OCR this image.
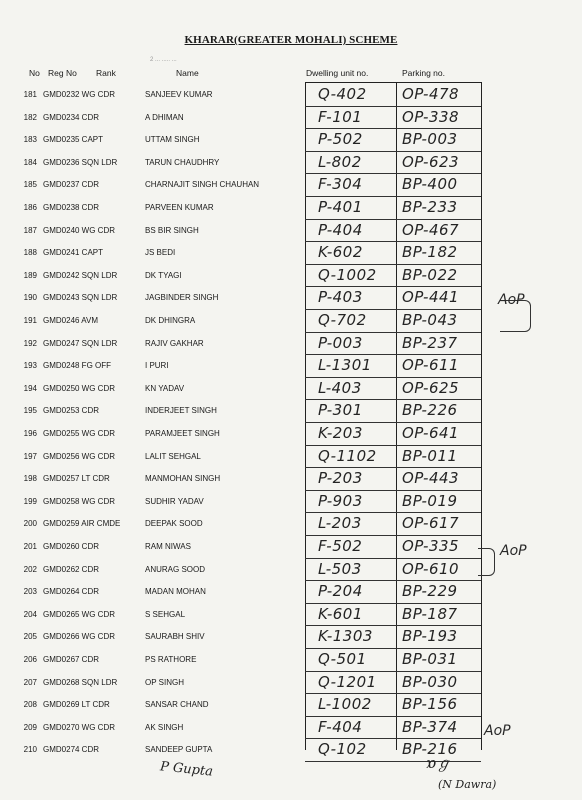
KHARAR(GREATER MOHALI) SCHEME
2 ... ..... ...
No Reg No Rank	Name	Dwelling unit no.	Parking no.
181 GMD0232 WG CDR	SANJEEV KUMAR	Q-402 OP-478
182 GMD0234 CDR	A DHIMAN	F-101	OP-338
183 GMD0235 CAPT	UTTAM SINGH	P-502	BP-003
184 GMD0236 SQN LDR	TARUN CHAUDHRY	L-802	OP-623
185 GMD0237 CDR	CHARNAJIT SINGH CHAUHAN	F-304	BP-400
186 GMD0238 CDR	PARVEEN KUMAR	P-401	BP-233
187 GMD0240 WG CDR	BS BIR SINGH	P-404	OP-467
188 GMD0241 CAPT	JS BEDI	K-602	BP-182
189 GMD0242 SQN LDR	DK TYAGI	Q-1002 BP-022
190 GMD0243 SQN LDR	JAGBINDER SINGH	P-403	OP-441
191 GMD0246 AVM	DK DHINGRA	Q-702 BP-043
192 GMD0247 SQN LDR	RAJIV GAKHAR	P-003	BP-237
193 GMD0248 FG OFF	I PURI	L-1301 OP-611
194 GMD0250 WG CDR	KN YADAV	L-403	OP-625
195 GMD0253 CDR	INDERJEET SINGH	P-301	BP-226
196 GMD0255 WG CDR	PARAMJEET SINGH	K-203	OP-641
197 GMD0256 WG CDR	LALIT SEHGAL	Q-1102 BP-011
198 GMD0257 LT CDR	MANMOHAN SINGH	P-203	OP-443
199 GMD0258 WG CDR	SUDHIR YADAV	P-903	BP-019
200 GMD0259 AIR CMDE	DEEPAK SOOD	L-203	OP-617
201 GMD0260 CDR	RAM NIWAS	F-502	OP-335
202 GMD0262 CDR	ANURAG SOOD	L-503	OP-610
203 GMD0264 CDR	MADAN MOHAN	P-204	BP-229
204 GMD0265 WG CDR	S SEHGAL	K-601	BP-187
205 GMD0266 WG CDR	SAURABH SHIV	K-1303 BP-193
206 GMD0267 CDR	PS RATHORE	Q-501 BP-031
207 GMD0268 SQN LDR	OP SINGH	Q-1201 BP-030
208 GMD0269 LT CDR	SANSAR CHAND	L-1002 BP-156
209 GMD0270 WG CDR	AK SINGH	F-404	BP-374
210 GMD0274 CDR	SANDEEP GUPTA	Q-102 BP-216
AoP
AoP
AoP
P Gupta	ɒℊ
(N Dawra)
